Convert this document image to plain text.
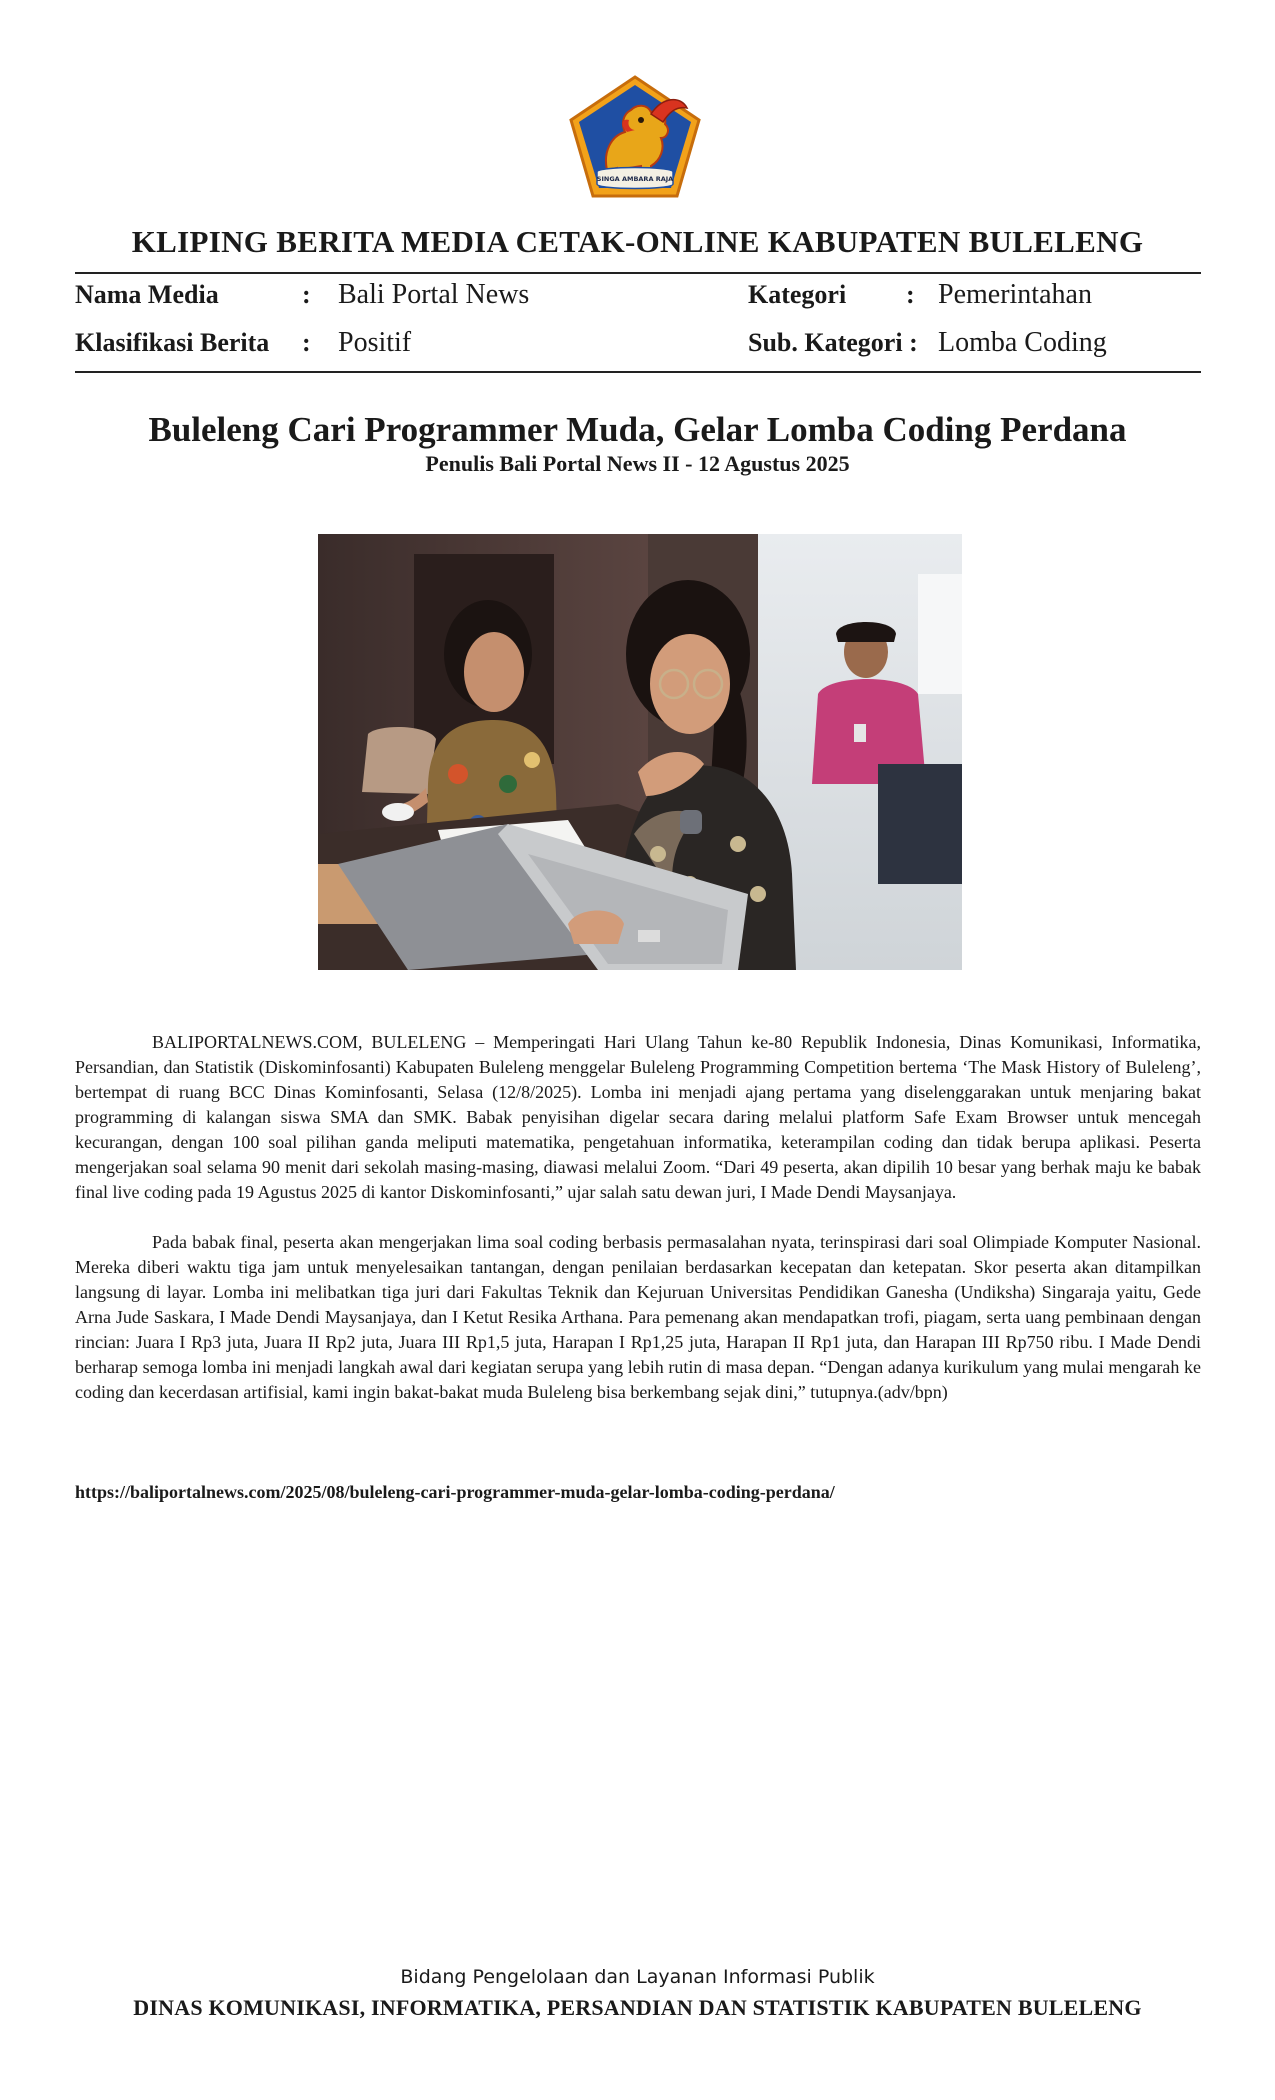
SINGA AMBARA RAJA
KLIPING BERITA MEDIA CETAK-ONLINE KABUPATEN BULELENG
Nama Media	: Bali Portal News	Kategori : Pemerintahan
Klasifikasi Berita : Positif	Sub. Kategori : Lomba Coding
Buleleng Cari Programmer Muda, Gelar Lomba Coding Perdana
Penulis Bali Portal News II - 12 Agustus 2025

BALIPORTALNEWS.COM, BULELENG – Memperingati Hari Ulang Tahun ke-80 Republik Indonesia, Dinas Komunikasi, Informatika, Persandian, dan Statistik (Diskominfosanti) Kabupaten Buleleng menggelar Buleleng Programming Competition bertema ‘The Mask History of Buleleng’, bertempat di ruang BCC Dinas Kominfosanti, Selasa (12/8/2025). Lomba ini menjadi ajang pertama yang diselenggarakan untuk menjaring bakat programming di kalangan siswa SMA dan SMK. Babak penyisihan digelar secara daring melalui platform Safe Exam Browser untuk mencegah kecurangan, dengan 100 soal pilihan ganda meliputi matematika, pengetahuan informatika, keterampilan coding dan tidak berupa aplikasi. Peserta mengerjakan soal selama 90 menit dari sekolah masing-masing, diawasi melalui Zoom. “Dari 49 peserta, akan dipilih 10 besar yang berhak maju ke babak final live coding pada 19 Agustus 2025 di kantor Diskominfosanti,” ujar salah satu dewan juri, I Made Dendi Maysanjaya.

Pada babak final, peserta akan mengerjakan lima soal coding berbasis permasalahan nyata, terinspirasi dari soal Olimpiade Komputer Nasional. Mereka diberi waktu tiga jam untuk menyelesaikan tantangan, dengan penilaian berdasarkan kecepatan dan ketepatan. Skor peserta akan ditampilkan langsung di layar. Lomba ini melibatkan tiga juri dari Fakultas Teknik dan Kejuruan Universitas Pendidikan Ganesha (Undiksha) Singaraja yaitu, Gede Arna Jude Saskara, I Made Dendi Maysanjaya, dan I Ketut Resika Arthana. Para pemenang akan mendapatkan trofi, piagam, serta uang pembinaan dengan rincian: Juara I Rp3 juta, Juara II Rp2 juta, Juara III Rp1,5 juta, Harapan I Rp1,25 juta, Harapan II Rp1 juta, dan Harapan III Rp750 ribu. I Made Dendi berharap semoga lomba ini menjadi langkah awal dari kegiatan serupa yang lebih rutin di masa depan. “Dengan adanya kurikulum yang mulai mengarah ke coding dan kecerdasan artifisial, kami ingin bakat-bakat muda Buleleng bisa berkembang sejak dini,” tutupnya.(adv/bpn)

https://baliportalnews.com/2025/08/buleleng-cari-programmer-muda-gelar-lomba-coding-perdana/
Bidang Pengelolaan dan Layanan Informasi Publik
DINAS KOMUNIKASI, INFORMATIKA, PERSANDIAN DAN STATISTIK KABUPATEN BULELENG
